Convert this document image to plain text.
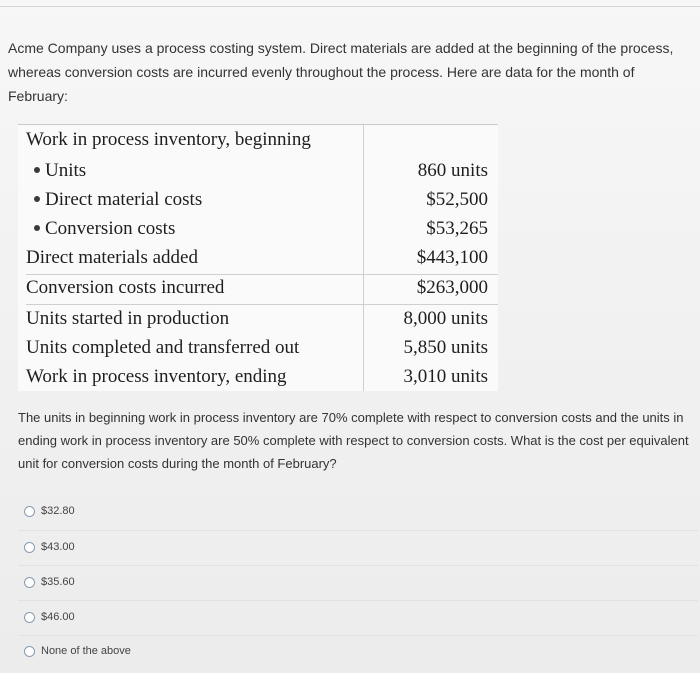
Acme Company uses a process costing system. Direct materials are added at the beginning of the process, whereas conversion costs are incurred evenly throughout the process. Here are data for the month of February:
Work in process inventory, beginning
Units	860 units
Direct material costs	$52,500
Conversion costs	$53,265
Direct materials added	$443,100
Conversion costs incurred	$263,000
Units started in production	8,000 units
Units completed and transferred out	5,850 units
Work in process inventory, ending	3,010 units
The units in beginning work in process inventory are 70% complete with respect to conversion costs and the units in ending work in process inventory are 50% complete with respect to conversion costs. What is the cost per equivalent unit for conversion costs during the month of February?
$32.80
$43.00
$35.60
$46.00
None of the above
